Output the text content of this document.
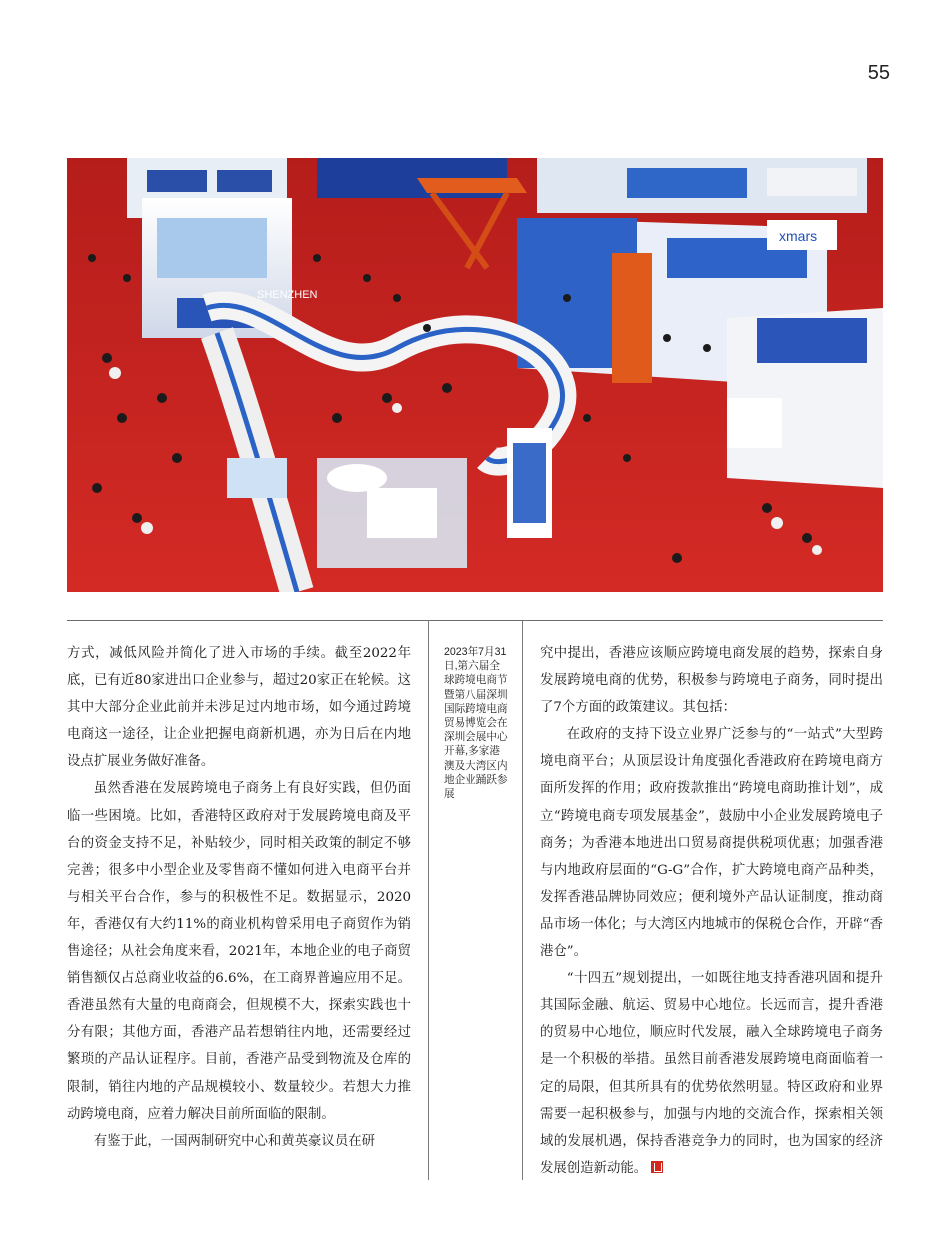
55
xmars
SHENZHEN

方式，减低风险并简化了进入市场的手续。截至2022年底，已有近80家进出口企业参与，超过20家正在轮候。这其中大部分企业此前并未涉足过内地市场，如今通过跨境电商这一途径，让企业把握电商新机遇，亦为日后在内地设点扩展业务做好准备。

虽然香港在发展跨境电子商务上有良好实践，但仍面临一些困境。比如，香港特区政府对于发展跨境电商及平台的资金支持不足，补贴较少，同时相关政策的制定不够完善；很多中小型企业及零售商不懂如何进入电商平台并与相关平台合作，参与的积极性不足。数据显示，2020年，香港仅有大约11%的商业机构曾采用电子商贸作为销售途径；从社会角度来看，2021年，本地企业的电子商贸销售额仅占总商业收益的6.6%，在工商界普遍应用不足。香港虽然有大量的电商商会，但规模不大，探索实践也十分有限；其他方面，香港产品若想销往内地，还需要经过繁琐的产品认证程序。目前，香港产品受到物流及仓库的限制，销往内地的产品规模较小、数量较少。若想大力推动跨境电商，应着力解决目前所面临的限制。

有鉴于此，一国两制研究中心和黄英豪议员在研

2023年7月31日,第六届全球跨境电商节暨第八届深圳国际跨境电商贸易博览会在深圳会展中心开幕,多家港澳及大湾区内地企业踊跃参展

究中提出，香港应该顺应跨境电商发展的趋势，探索自身发展跨境电商的优势，积极参与跨境电子商务，同时提出了7个方面的政策建议。其包括：

在政府的支持下设立业界广泛参与的“一站式”大型跨境电商平台；从顶层设计角度强化香港政府在跨境电商方面所发挥的作用；政府拨款推出“跨境电商助推计划”，成立“跨境电商专项发展基金”，鼓励中小企业发展跨境电子商务；为香港本地进出口贸易商提供税项优惠；加强香港与内地政府层面的“G-G”合作，扩大跨境电商产品种类，发挥香港品牌协同效应；便利境外产品认证制度，推动商品市场一体化；与大湾区内地城市的保税仓合作，开辟“香港仓”。

“十四五”规划提出，一如既往地支持香港巩固和提升其国际金融、航运、贸易中心地位。长远而言，提升香港的贸易中心地位，顺应时代发展，融入全球跨境电子商务是一个积极的举措。虽然目前香港发展跨境电商面临着一定的局限，但其所具有的优势依然明显。特区政府和业界需要一起积极参与，加强与内地的交流合作，探索相关领域的发展机遇，保持香港竞争力的同时，也为国家的经济发展创造新动能。
